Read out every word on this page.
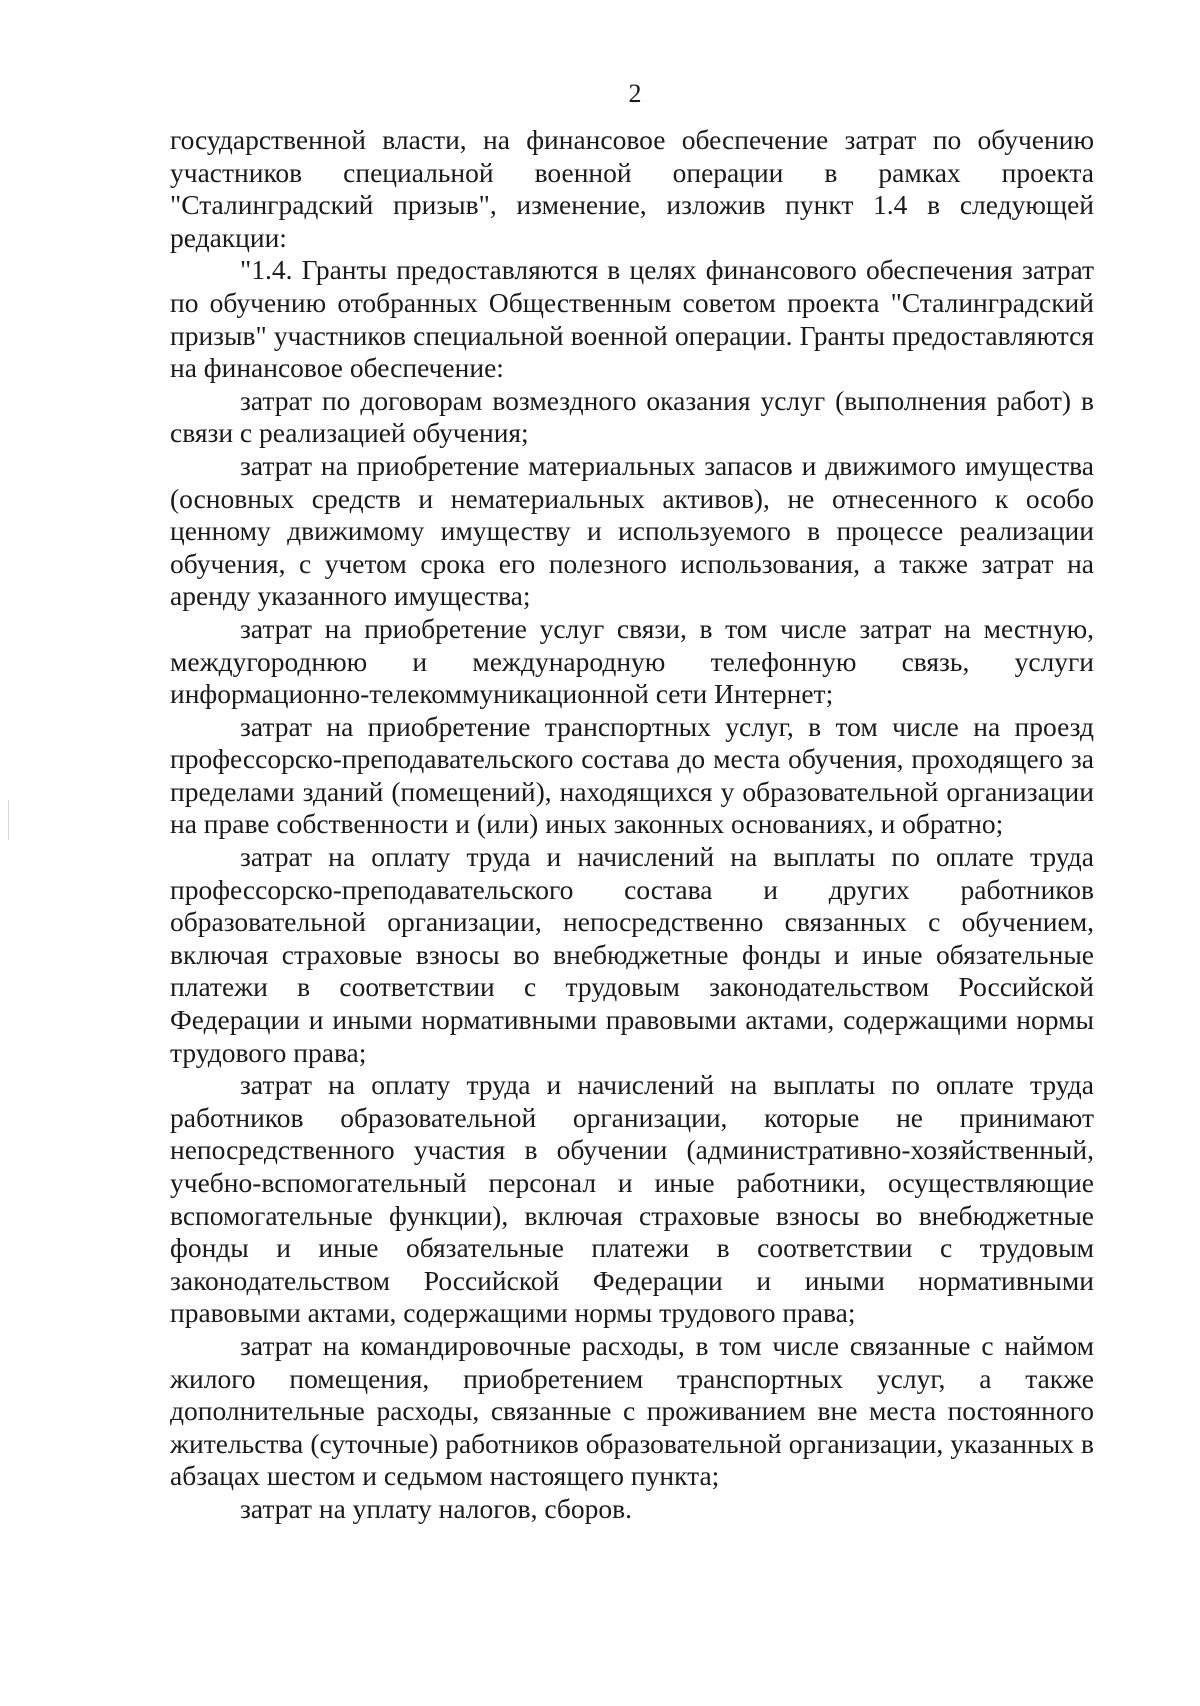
2

государственной власти, на финансовое обеспечение затрат по обучению участников специальной военной операции в рамках проекта "Сталинградский призыв", изменение, изложив пункт 1.4 в следующей редакции:

"1.4. Гранты предоставляются в целях финансового обеспечения затрат по обучению отобранных Общественным советом проекта "Сталинградский призыв" участников специальной военной операции. Гранты предоставляются на финансовое обеспечение:

затрат по договорам возмездного оказания услуг (выполнения работ) в связи с реализацией обучения;

затрат на приобретение материальных запасов и движимого имущества (основных средств и нематериальных активов), не отнесенного к особо ценному движимому имуществу и используемого в процессе реализации обучения, с учетом срока его полезного использования, а также затрат на аренду указанного имущества;

затрат на приобретение услуг связи, в том числе затрат на местную, междугороднюю и международную телефонную связь, услуги информационно-телекоммуникационной сети Интернет;

затрат на приобретение транспортных услуг, в том числе на проезд профессорско-преподавательского состава до места обучения, проходящего за пределами зданий (помещений), находящихся у образовательной организации на праве собственности и (или) иных законных основаниях, и обратно;

затрат на оплату труда и начислений на выплаты по оплате труда профессорско-преподавательского состава и других работников образовательной организации, непосредственно связанных с обучением, включая страховые взносы во внебюджетные фонды и иные обязательные платежи в соответствии с трудовым законодательством Российской Федерации и иными нормативными правовыми актами, содержащими нормы трудового права;

затрат на оплату труда и начислений на выплаты по оплате труда работников образовательной организации, которые не принимают непосредственного участия в обучении (административно-хозяйственный, учебно-вспомогательный персонал и иные работники, осуществляющие вспомогательные функции), включая страховые взносы во внебюджетные фонды и иные обязательные платежи в соответствии с трудовым законодательством Российской Федерации и иными нормативными правовыми актами, содержащими нормы трудового права;

затрат на командировочные расходы, в том числе связанные с наймом жилого помещения, приобретением транспортных услуг, а также дополнительные расходы, связанные с проживанием вне места постоянного жительства (суточные) работников образовательной организации, указанных в абзацах шестом и седьмом настоящего пункта;

затрат на уплату налогов, сборов.
